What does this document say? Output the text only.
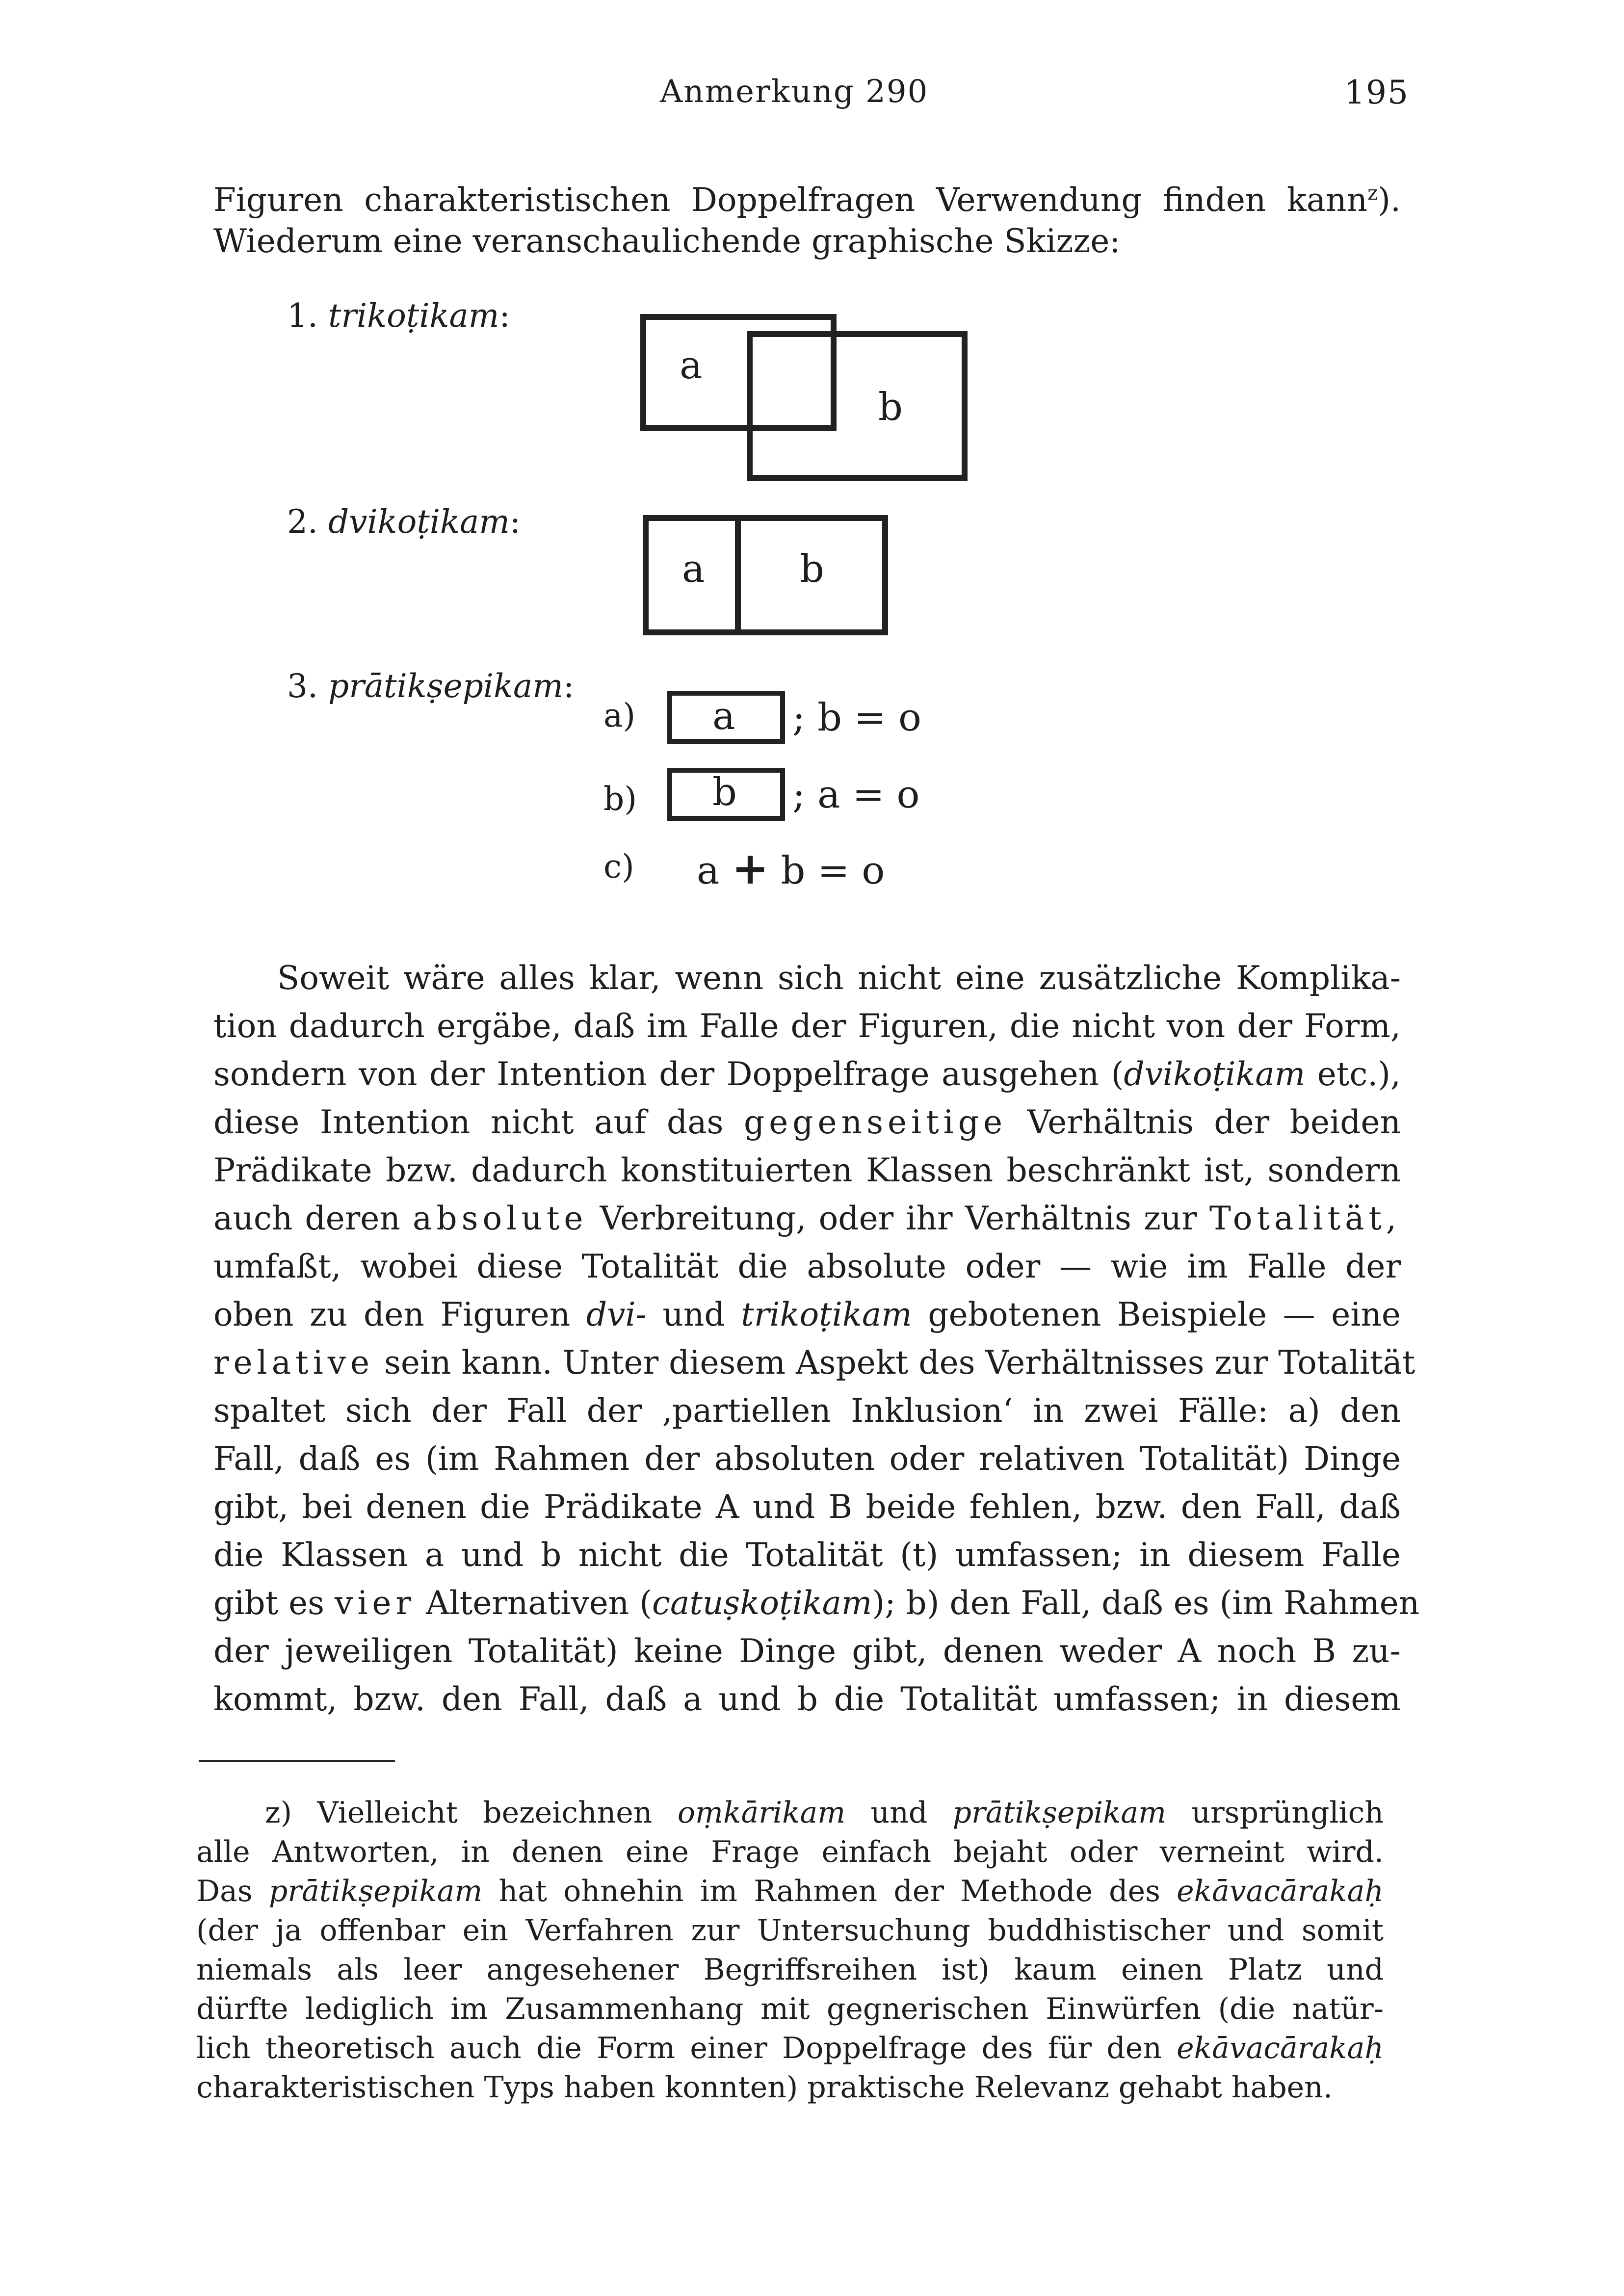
Anmerkung 290	195
Figuren charakteristischen Doppelfragen Verwendung finden kann$^z$).
Wiederum eine veranschaulichende graphische Skizze:
1. trikoṭikam:
a
b
2. dvikoṭikam:
a b
3. prātikṣepikam:
a) a ; b = o
b) b ; a = o
c) a + b = o
Soweit wäre alles klar, wenn sich nicht eine zusätzliche Komplika-
tion dadurch ergäbe, daß im Falle der Figuren, die nicht von der Form,
sondern von der Intention der Doppelfrage ausgehen (dvikoṭikam etc.),
diese Intention nicht auf das gegenseitige Verhältnis der beiden
Prädikate bzw. dadurch konstituierten Klassen beschränkt ist, sondern
auch deren absolute Verbreitung, oder ihr Verhältnis zur Totalität,
umfaßt, wobei diese Totalität die absolute oder — wie im Falle der
oben zu den Figuren dvi- und trikoṭikam gebotenen Beispiele — eine
relative sein kann. Unter diesem Aspekt des Verhältnisses zur Totalität
spaltet sich der Fall der ‚partiellen Inklusion‘ in zwei Fälle: a) den
Fall, daß es (im Rahmen der absoluten oder relativen Totalität) Dinge
gibt, bei denen die Prädikate A und B beide fehlen, bzw. den Fall, daß
die Klassen a und b nicht die Totalität (t) umfassen; in diesem Falle
gibt es vier Alternativen (catuṣkoṭikam); b) den Fall, daß es (im Rahmen
der jeweiligen Totalität) keine Dinge gibt, denen weder A noch B zu-
kommt, bzw. den Fall, daß a und b die Totalität umfassen; in diesem
z) Vielleicht bezeichnen oṃkārikam und prātikṣepikam ursprünglich
alle Antworten, in denen eine Frage einfach bejaht oder verneint wird.
Das prātikṣepikam hat ohnehin im Rahmen der Methode des ekāvacārakaḥ
(der ja offenbar ein Verfahren zur Untersuchung buddhistischer und somit
niemals als leer angesehener Begriffsreihen ist) kaum einen Platz und
dürfte lediglich im Zusammenhang mit gegnerischen Einwürfen (die natür-
lich theoretisch auch die Form einer Doppelfrage des für den ekāvacārakaḥ
charakteristischen Typs haben konnten) praktische Relevanz gehabt haben.
